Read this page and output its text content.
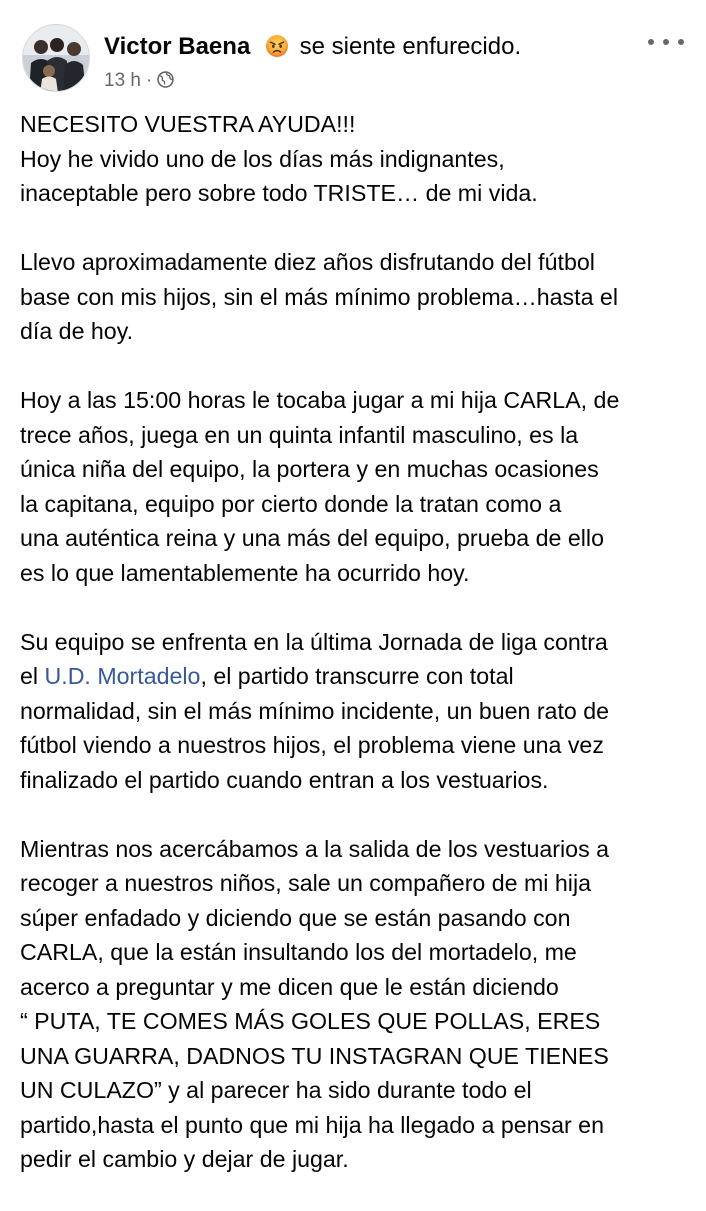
Victor Baena se siente enfurecido.
13 h ·

NECESITO VUESTRA AYUDA!!!
Hoy he vivido uno de los días más indignantes,
inaceptable pero sobre todo TRISTE… de mi vida.

Llevo aproximadamente diez años disfrutando del fútbol
base con mis hijos, sin el más mínimo problema…hasta el
día de hoy.

Hoy a las 15:00 horas le tocaba jugar a mi hija CARLA, de
trece años, juega en un quinta infantil masculino, es la
única niña del equipo, la portera y en muchas ocasiones
la capitana, equipo por cierto donde la tratan como a
una auténtica reina y una más del equipo, prueba de ello
es lo que lamentablemente ha ocurrido hoy.

Su equipo se enfrenta en la última Jornada de liga contra
el U.D. Mortadelo, el partido transcurre con total
normalidad, sin el más mínimo incidente, un buen rato de
fútbol viendo a nuestros hijos, el problema viene una vez
finalizado el partido cuando entran a los vestuarios.

Mientras nos acercábamos a la salida de los vestuarios a
recoger a nuestros niños, sale un compañero de mi hija
súper enfadado y diciendo que se están pasando con
CARLA, que la están insultando los del mortadelo, me
acerco a preguntar y me dicen que le están diciendo
“ PUTA, TE COMES MÁS GOLES QUE POLLAS, ERES
UNA GUARRA, DADNOS TU INSTAGRAN QUE TIENES
UN CULAZO” y al parecer ha sido durante todo el
partido,hasta el punto que mi hija ha llegado a pensar en
pedir el cambio y dejar de jugar.
